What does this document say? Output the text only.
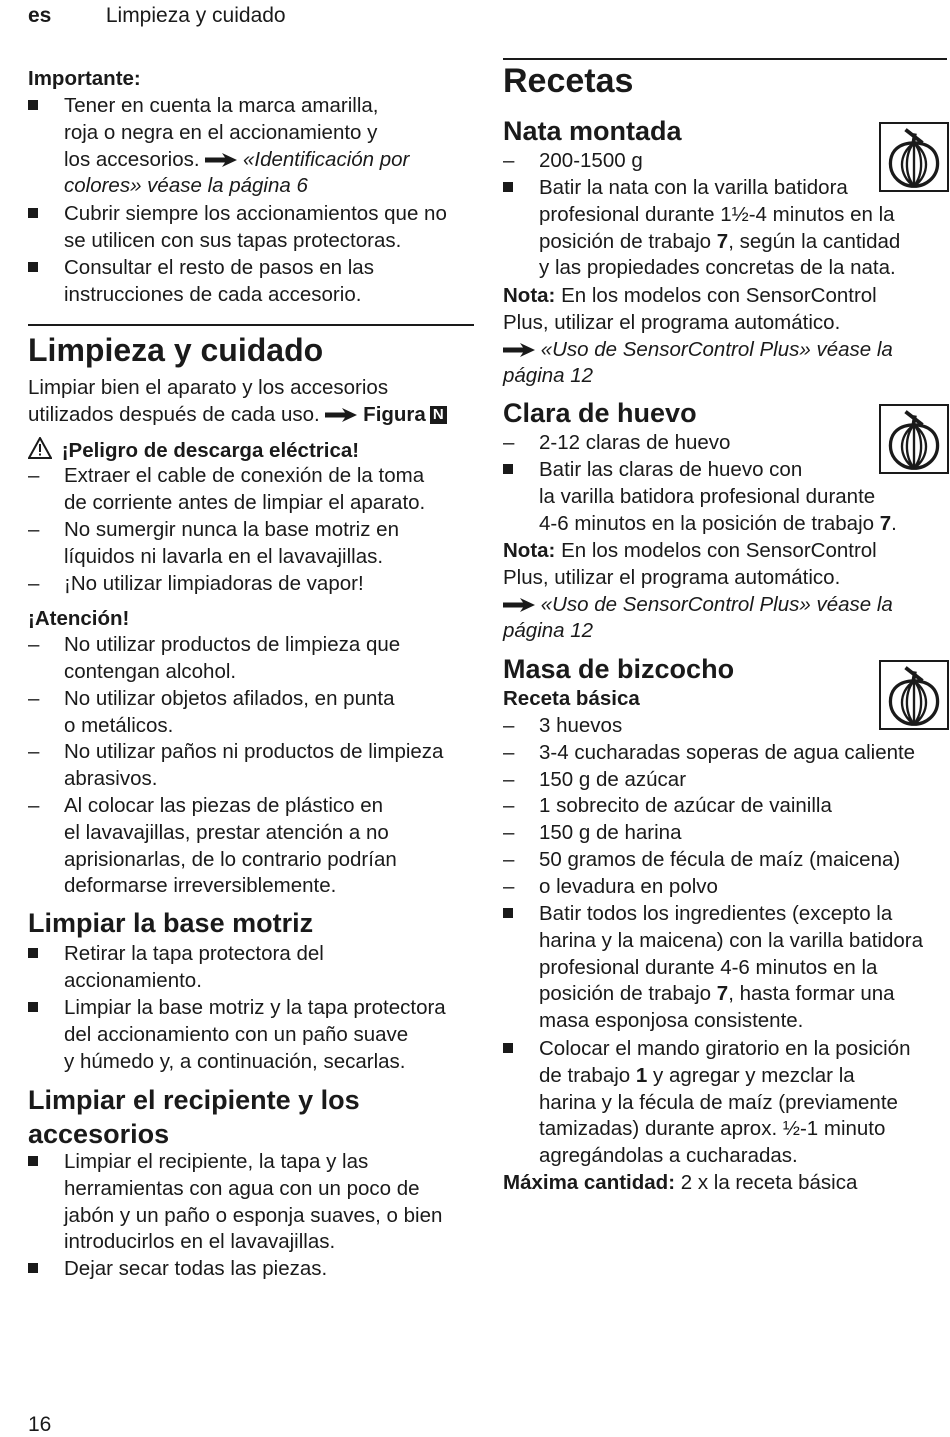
es	Limpieza y cuidado
Importante:
Tener en cuenta la marca amarilla,
roja o negra en el accionamiento y
los accesorios. «Identificación por
colores» véase la página 6
Cubrir siempre los accionamientos que no
se utilicen con sus tapas protectoras.
Consultar el resto de pasos en las
instrucciones de cada accesorio.
Limpieza y cuidado
Limpiar bien el aparato y los accesorios
utilizados después de cada uso. Figura N
¡Peligro de descarga eléctrica!
– Extraer el cable de conexión de la toma
de corriente antes de limpiar el aparato.
– No sumergir nunca la base motriz en
líquidos ni lavarla en el lavavajillas.
– ¡No utilizar limpiadoras de vapor!
¡Atención!
– No utilizar productos de limpieza que
contengan alcohol.
– No utilizar objetos afilados, en punta
o metálicos.
– No utilizar paños ni productos de limpieza
abrasivos.
– Al colocar las piezas de plástico en
el lavavajillas, prestar atención a no
aprisionarlas, de lo contrario podrían
deformarse irreversiblemente.
Limpiar la base motriz
Retirar la tapa protectora del
accionamiento.
Limpiar la base motriz y la tapa protectora
del accionamiento con un paño suave
y húmedo y, a continuación, secarlas.
Limpiar el recipiente y los
accesorios
Limpiar el recipiente, la tapa y las
herramientas con agua con un poco de
jabón y un paño o esponja suaves, o bien
introducirlos en el lavavajillas.
Dejar secar todas las piezas.
Recetas
Nata montada
– 200-1500 g
Batir la nata con la varilla batidora
profesional durante 1½-4 minutos en la
posición de trabajo 7, según la cantidad
y las propiedades concretas de la nata.
Nota: En los modelos con SensorControl
Plus, utilizar el programa automático.
«Uso de SensorControl Plus» véase la
página 12
Clara de huevo
– 2-12 claras de huevo
Batir las claras de huevo con
la varilla batidora profesional durante
4-6 minutos en la posición de trabajo 7.
Nota: En los modelos con SensorControl
Plus, utilizar el programa automático.
«Uso de SensorControl Plus» véase la
página 12
Masa de bizcocho
Receta básica
– 3 huevos
– 3-4 cucharadas soperas de agua caliente
– 150 g de azúcar
– 1 sobrecito de azúcar de vainilla
– 150 g de harina
– 50 gramos de fécula de maíz (maicena)
– o levadura en polvo
Batir todos los ingredientes (excepto la
harina y la maicena) con la varilla batidora
profesional durante 4-6 minutos en la
posición de trabajo 7, hasta formar una
masa esponjosa consistente.
Colocar el mando giratorio en la posición
de trabajo 1 y agregar y mezclar la
harina y la fécula de maíz (previamente
tamizadas) durante aprox. ½-1 minuto
agregándolas a cucharadas.
Máxima cantidad: 2 x la receta básica
16
